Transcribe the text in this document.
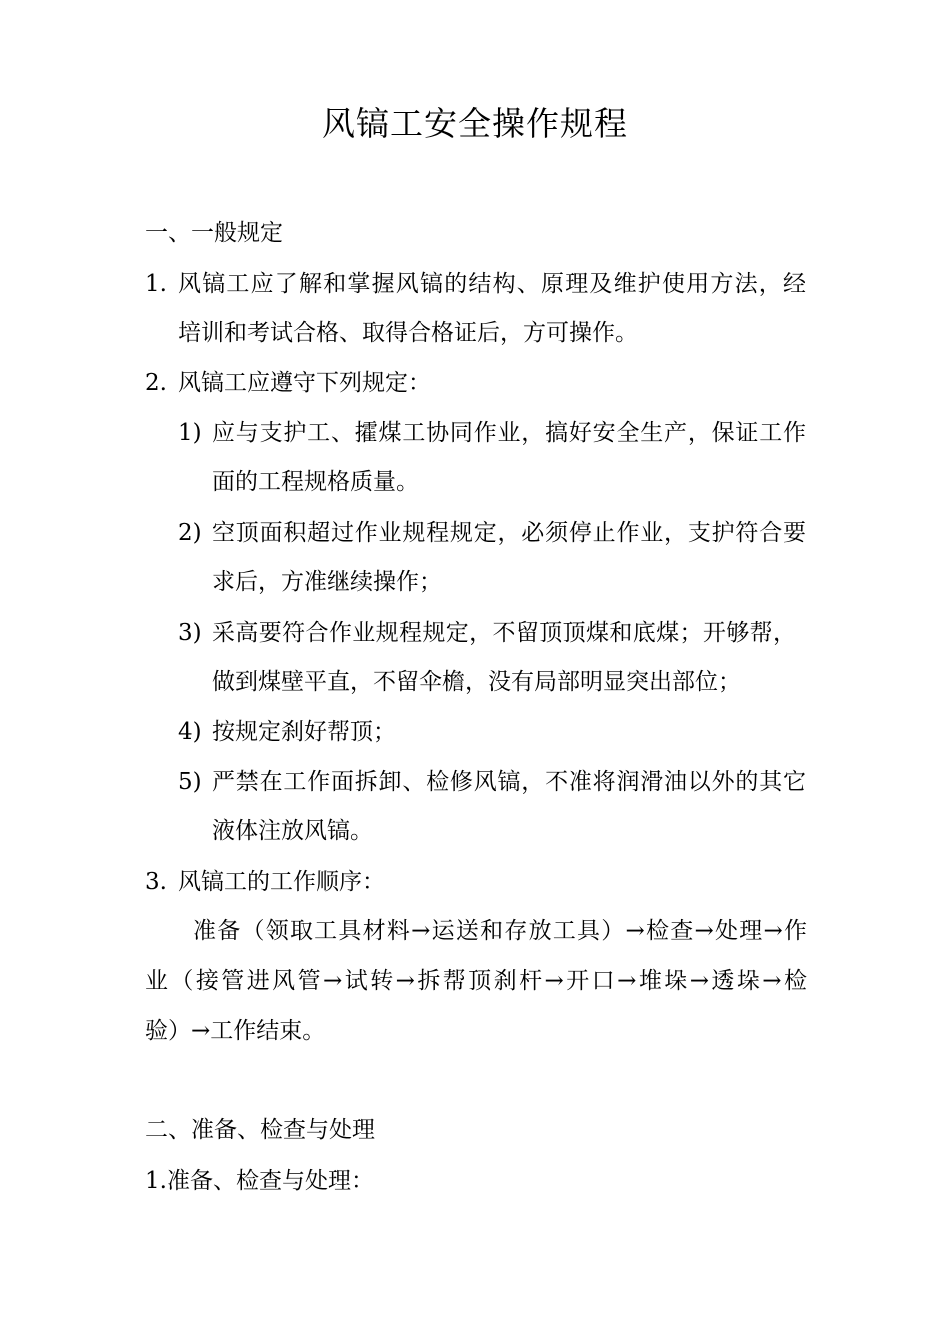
风镐工安全操作规程
一、一般规定
1. 风镐工应了解和掌握风镐的结构、原理及维护使用方法，经
培训和考试合格、取得合格证后，方可操作。
2. 风镐工应遵守下列规定：
1) 应与支护工、攉煤工协同作业，搞好安全生产，保证工作
面的工程规格质量。
2) 空顶面积超过作业规程规定，必须停止作业，支护符合要
求后，方准继续操作；
3) 采高要符合作业规程规定，不留顶顶煤和底煤；开够帮，
做到煤壁平直，不留伞檐，没有局部明显突出部位；
4) 按规定刹好帮顶；
5) 严禁在工作面拆卸、检修风镐，不准将润滑油以外的其它
液体注放风镐。
3. 风镐工的工作顺序：
准备（领取工具材料→运送和存放工具）→检查→处理→作
业（接管进风管→试转→拆帮顶刹杆→开口→堆垛→透垛→检
验）→工作结束。
二、准备、检查与处理
1.准备、检查与处理：
